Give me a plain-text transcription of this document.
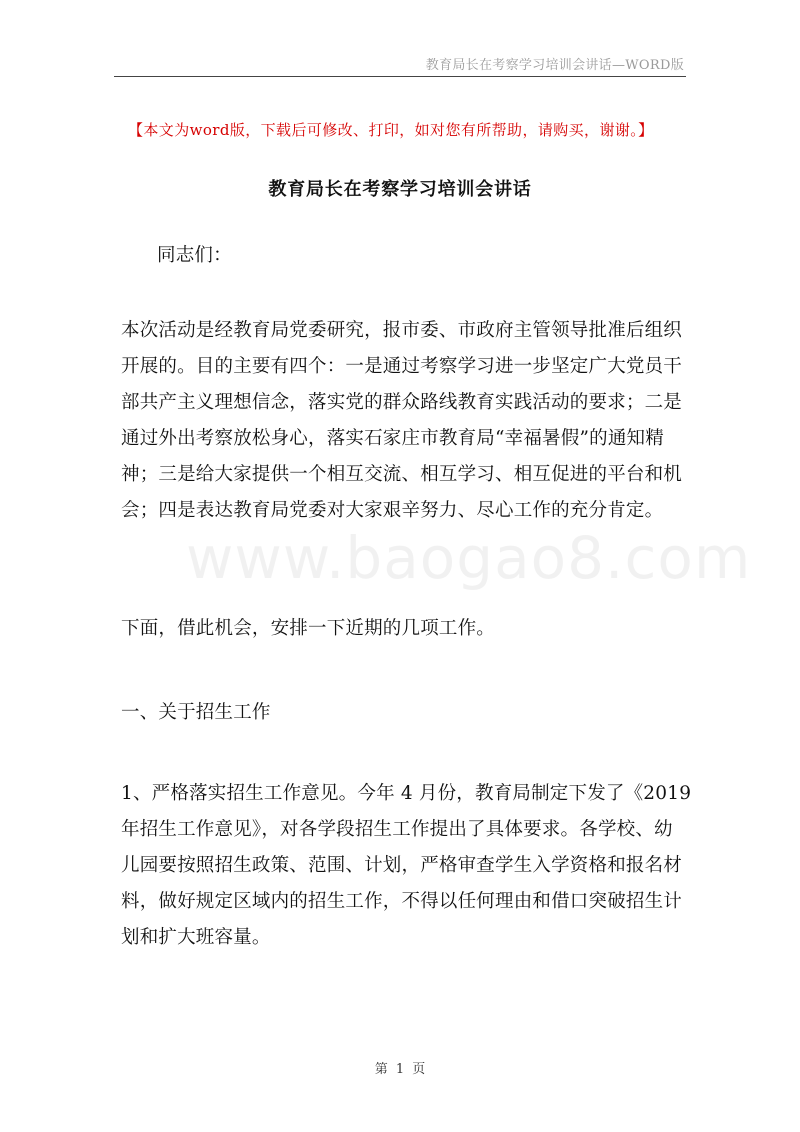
教育局长在考察学习培训会讲话—WORD版
【本文为word版，下载后可修改、打印，如对您有所帮助，请购买，谢谢。】
教育局长在考察学习培训会讲话
同志们：
本次活动是经教育局党委研究，报市委、市政府主管领导批准后组织
开展的。目的主要有四个：一是通过考察学习进一步坚定广大党员干
部共产主义理想信念，落实党的群众路线教育实践活动的要求；二是
通过外出考察放松身心，落实石家庄市教育局“幸福暑假”的通知精
神；三是给大家提供一个相互交流、相互学习、相互促进的平台和机
会；四是表达教育局党委对大家艰辛努力、尽心工作的充分肯定。
下面，借此机会，安排一下近期的几项工作。
一、关于招生工作
1、严格落实招生工作意见。今年 4 月份，教育局制定下发了《2019
年招生工作意见》，对各学段招生工作提出了具体要求。各学校、幼
儿园要按照招生政策、范围、计划，严格审查学生入学资格和报名材
料，做好规定区域内的招生工作，不得以任何理由和借口突破招生计
划和扩大班容量。
www.baogao8.com
第 1 页
